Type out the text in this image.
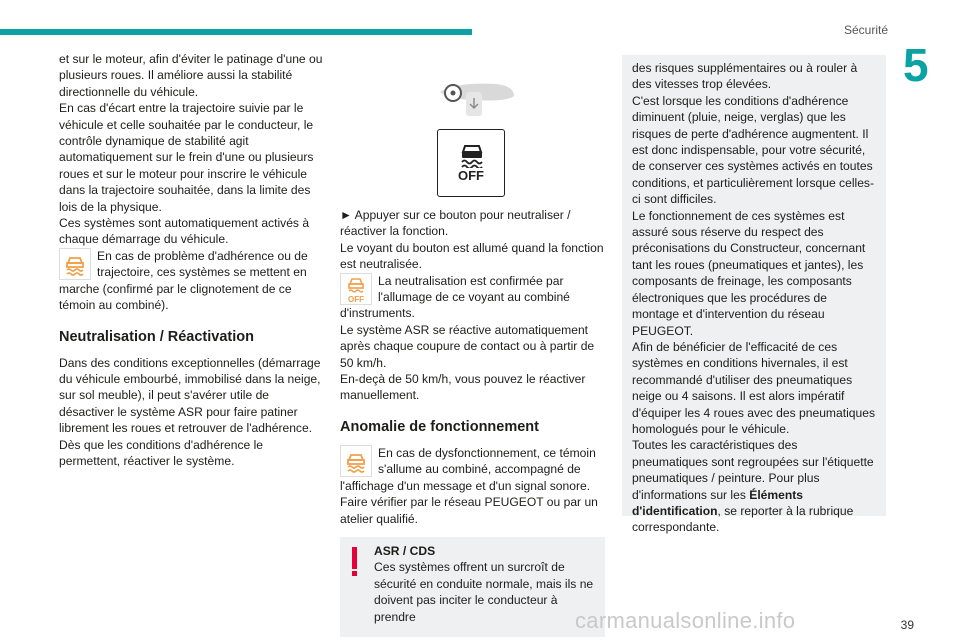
Sécurité
5

et sur le moteur, afin d'éviter le patinage d'une ou plusieurs roues. Il améliore aussi la stabilité directionnelle du véhicule.

En cas d'écart entre la trajectoire suivie par le véhicule et celle souhaitée par le conducteur, le contrôle dynamique de stabilité agit automatiquement sur le frein d'une ou plusieurs roues et sur le moteur pour inscrire le véhicule dans la trajectoire souhaitée, dans la limite des lois de la physique.

Ces systèmes sont automatiquement activés à chaque démarrage du véhicule.

En cas de problème d'adhérence ou de trajectoire, ces systèmes se mettent en marche (confirmé par le clignotement de ce témoin au combiné).

Neutralisation / Réactivation

Dans des conditions exceptionnelles (démarrage du véhicule embourbé, immobilisé dans la neige, sur sol meuble), il peut s'avérer utile de désactiver le système ASR pour faire patiner librement les roues et retrouver de l'adhérence.

Dès que les conditions d'adhérence le permettent, réactiver le système.

OFF

► Appuyer sur ce bouton pour neutraliser / réactiver la fonction.

Le voyant du bouton est allumé quand la fonction est neutralisée.

OFF

La neutralisation est confirmée par l'allumage de ce voyant au combiné d'instruments.

Le système ASR se réactive automatiquement après chaque coupure de contact ou à partir de 50 km/h.

En-deçà de 50 km/h, vous pouvez le réactiver manuellement.

Anomalie de fonctionnement

En cas de dysfonctionnement, ce témoin s'allume au combiné, accompagné de l'affichage d'un message et d'un signal sonore.

Faire vérifier par le réseau PEUGEOT ou par un atelier qualifié.

ASR / CDS
Ces systèmes offrent un surcroît de sécurité en conduite normale, mais ils ne doivent pas inciter le conducteur à prendre

des risques supplémentaires ou à rouler à des vitesses trop élevées.

C'est lorsque les conditions d'adhérence diminuent (pluie, neige, verglas) que les risques de perte d'adhérence augmentent. Il est donc indispensable, pour votre sécurité, de conserver ces systèmes activés en toutes conditions, et particulièrement lorsque celles-ci sont difficiles.

Le fonctionnement de ces systèmes est assuré sous réserve du respect des préconisations du Constructeur, concernant tant les roues (pneumatiques et jantes), les composants de freinage, les composants électroniques que les procédures de montage et d'intervention du réseau PEUGEOT.

Afin de bénéficier de l'efficacité de ces systèmes en conditions hivernales, il est recommandé d'utiliser des pneumatiques neige ou 4 saisons. Il est alors impératif d'équiper les 4 roues avec des pneumatiques homologués pour le véhicule.

Toutes les caractéristiques des pneumatiques sont regroupées sur l'étiquette pneumatiques / peinture. Pour plus d'informations sur les Éléments d'identification, se reporter à la rubrique correspondante.

carmanualsonline.info	39
